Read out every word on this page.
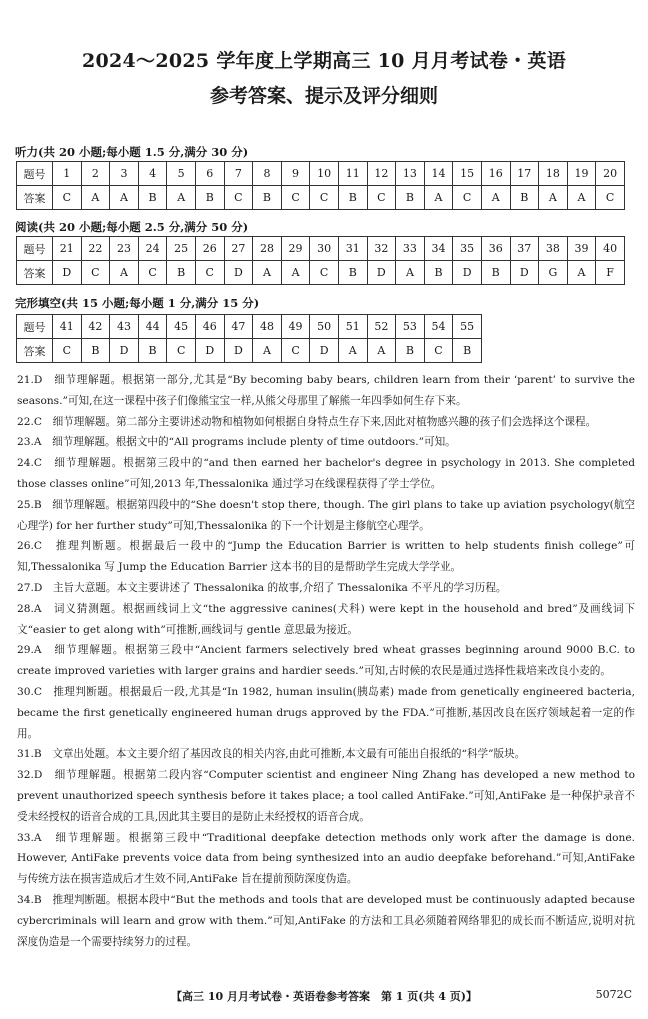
2024～2025 学年度上学期高三 10 月月考试卷・英语
参考答案、提示及评分细则
听力(共 20 小题;每小题 1.5 分,满分 30 分)
题号	1	2	3	4	5	6	7	8	9	10	11	12	13	14	15	16	17	18	19	20
答案	C	A	A	B	A	B	C	B	C	C	B	C	B	A	C	A	B	A	A	C
阅读(共 20 小题;每小题 2.5 分,满分 50 分)
题号	21	22	23	24	25	26	27	28	29	30	31	32	33	34	35	36	37	38	39	40
答案	D	C	A	C	B	C	D	A	A	C	B	D	A	B	D	B	D	G	A	F
完形填空(共 15 小题;每小题 1 分,满分 15 分)
题号	41	42	43	44	45	46	47	48	49	50	51	52	53	54	55
答案	C	B	D	B	C	D	D	A	C	D	A	A	B	C	B

21.D　 细节理解题。根据第一部分,尤其是“By becoming baby bears, children learn from their ‘parent’ to survive the seasons.”可知,在这一课程中孩子们像熊宝宝一样,从熊父母那里了解熊一年四季如何生存下来。

22.C　 细节理解题。第二部分主要讲述动物和植物如何根据自身特点生存下来,因此对植物感兴趣的孩子们会选择这个课程。

23.A　 细节理解题。根据文中的“All programs include plenty of time outdoors.”可知。

24.C　 细节理解题。根据第三段中的“and then earned her bachelor's degree in psychology in 2013. She completed those classes online”可知,2013 年,Thessalonika 通过学习在线课程获得了学士学位。

25.B　 细节理解题。根据第四段中的“She doesn't stop there, though. The girl plans to take up aviation psychology(航空心理学) for her further study”可知,Thessalonika 的下一个计划是主修航空心理学。

26.C　 推理判断题。根据最后一段中的“Jump the Education Barrier is written to help students finish college”可知,Thessalonika 写 Jump the Education Barrier 这本书的目的是帮助学生完成大学学业。

27.D　 主旨大意题。本文主要讲述了 Thessalonika 的故事,介绍了 Thessalonika 不平凡的学习历程。

28.A　 词义猜测题。根据画线词上文“the aggressive canines(犬科) were kept in the household and bred”及画线词下文“easier to get along with”可推断,画线词与 gentle 意思最为接近。

29.A　 细节理解题。根据第三段中“Ancient farmers selectively bred wheat grasses beginning around 9000 B.C. to create improved varieties with larger grains and hardier seeds.”可知,古时候的农民是通过选择性栽培来改良小麦的。

30.C　 推理判断题。根据最后一段,尤其是“In 1982, human insulin(胰岛素) made from genetically engineered bacteria, became the first genetically engineered human drugs approved by the FDA.”可推断,基因改良在医疗领域起着一定的作用。

31.B　 文章出处题。本文主要介绍了基因改良的相关内容,由此可推断,本文最有可能出自报纸的“科学”版块。

32.D　 细节理解题。根据第二段内容“Computer scientist and engineer Ning Zhang has developed a new method to prevent unauthorized speech synthesis before it takes place; a tool called AntiFake.”可知,AntiFake 是一种保护录音不受未经授权的语音合成的工具,因此其主要目的是防止未经授权的语音合成。

33.A　 细节理解题。根据第三段中“Traditional deepfake detection methods only work after the damage is done. However, AntiFake prevents voice data from being synthesized into an audio deepfake beforehand.”可知,AntiFake 与传统方法在损害造成后才生效不同,AntiFake 旨在提前预防深度伪造。

34.B　 推理判断题。根据本段中“But the methods and tools that are developed must be continuously adapted because cybercriminals will learn and grow with them.”可知,AntiFake 的方法和工具必须随着网络罪犯的成长而不断适应,说明对抗深度伪造是一个需要持续努力的过程。

【高三 10 月月考试卷・英语卷参考答案　第 1 页(共 4 页)】	5072C
